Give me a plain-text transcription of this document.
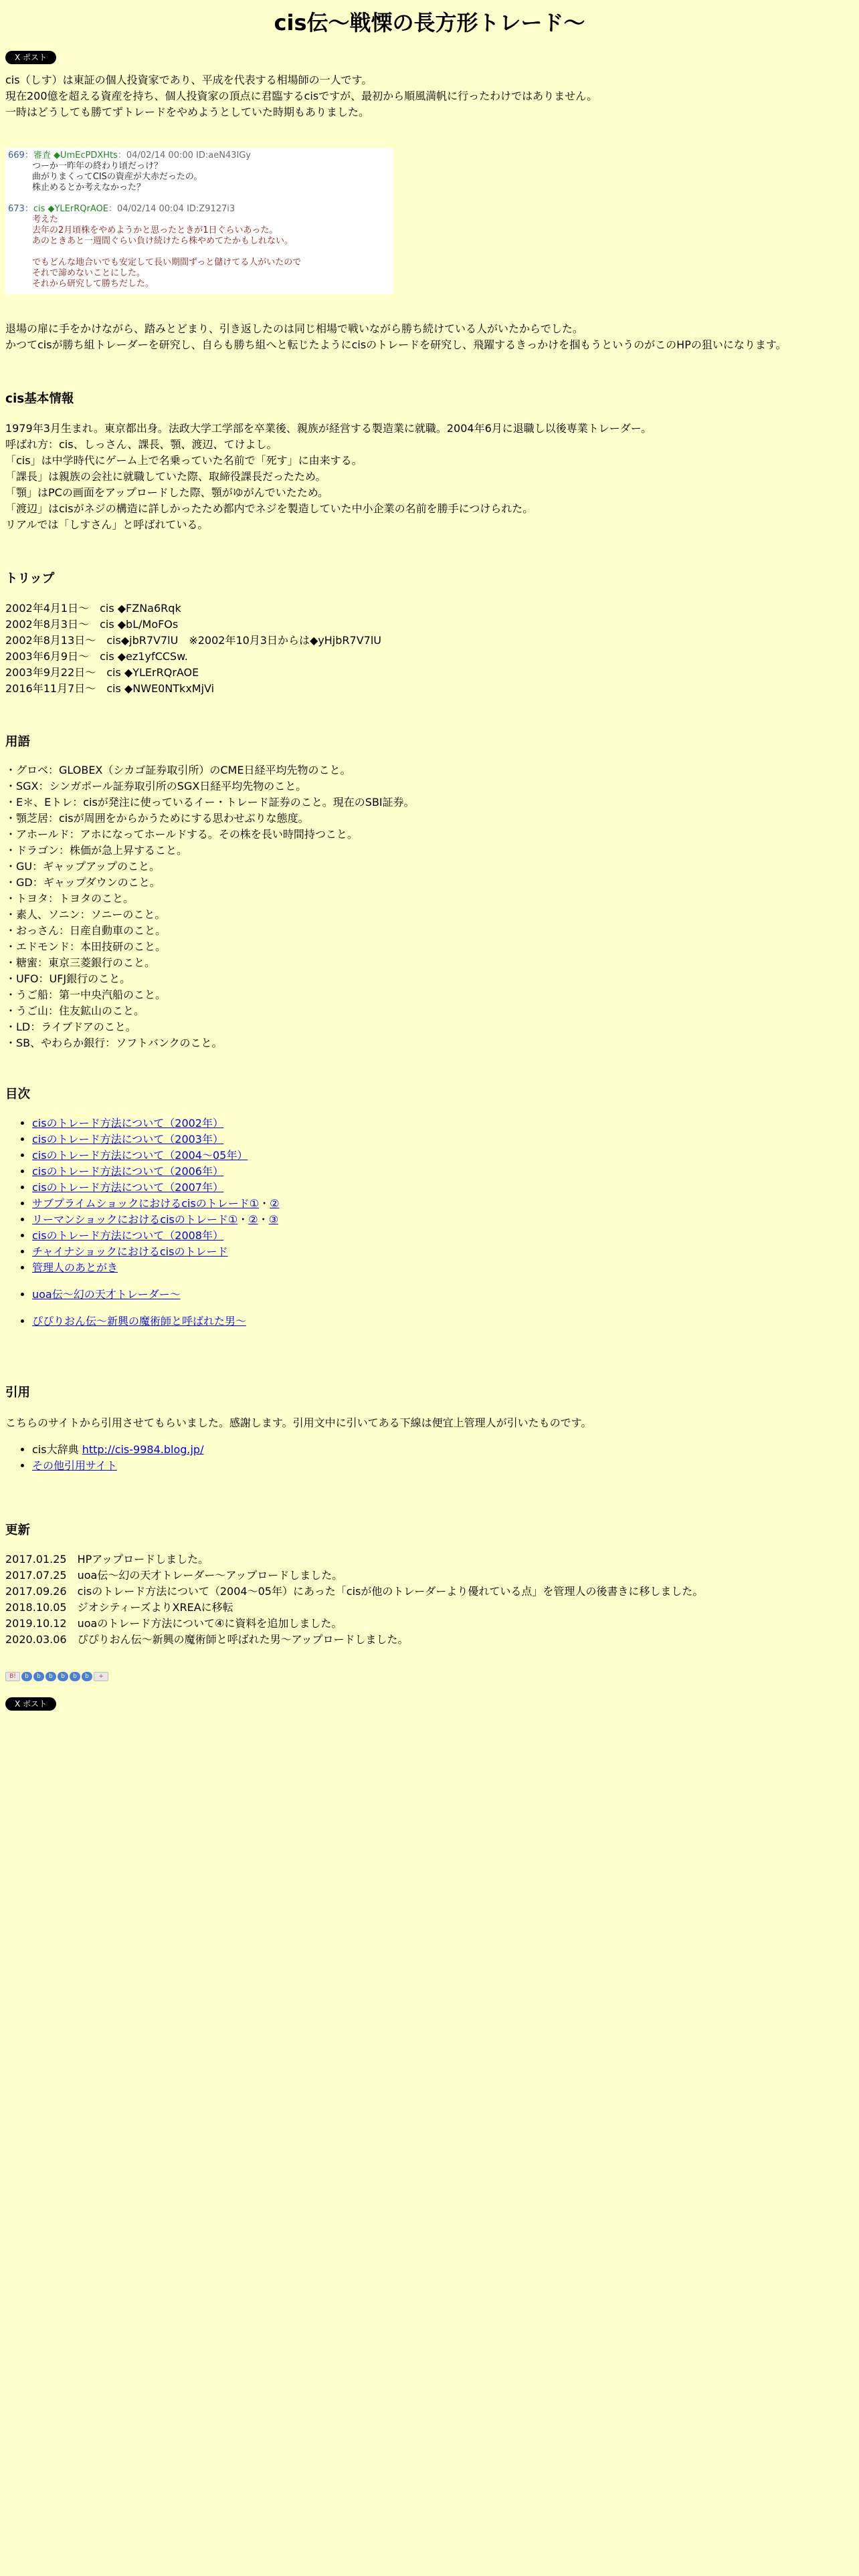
cis伝〜戦慄の長方形トレード〜
X ポスト

cis（しす）は東証の個人投資家であり、平成を代表する相場師の一人です。

現在200億を超える資産を持ち、個人投資家の頂点に君臨するcisですが、最初から順風満帆に行ったわけではありません。

一時はどうしても勝てずトレードをやめようとしていた時期もありました。

669：審査 ◆UmEcPDXHts：04/02/14 00:00 ID:aeN43IGy
つーか一昨年の終わり頃だっけ？
曲がりまくってCISの資産が大赤だったの。
株止めるとか考えなかった？
673：cis ◆YLErRQrAOE：04/02/14 00:04 ID:Z9127i3
考えた
去年の2月頃株をやめようかと思ったときが1日ぐらいあった。
あのときあと一週間ぐらい負け続けたら株やめてたかもしれない。
でもどんな地合いでも安定して長い期間ずっと儲けてる人がいたので
それで諦めないことにした。
それから研究して勝ちだした。

退場の扉に手をかけながら、踏みとどまり、引き返したのは同じ相場で戦いながら勝ち続けている人がいたからでした。

かつてcisが勝ち組トレーダーを研究し、自らも勝ち組へと転じたようにcisのトレードを研究し、飛躍するきっかけを掴もうというのがこのHPの狙いになります。

cis基本情報

1979年3月生まれ。東京都出身。法政大学工学部を卒業後、親族が経営する製造業に就職。2004年6月に退職し以後専業トレーダー。

呼ばれ方：cis、しっさん、課長、顎、渡辺、てけよし。

「cis」は中学時代にゲーム上で名乗っていた名前で「死す」に由来する。

「課長」は親族の会社に就職していた際、取締役課長だったため。

「顎」はPCの画面をアップロードした際、顎がゆがんでいたため。

「渡辺」はcisがネジの構造に詳しかったため都内でネジを製造していた中小企業の名前を勝手につけられた。

リアルでは「しすさん」と呼ばれている。

トリップ

2002年4月1日〜　cis ◆FZNa6Rqk

2002年8月3日〜　cis ◆bL/MoFOs

2002年8月13日〜　cis◆jbR7V7lU　※2002年10月3日からは◆yHjbR7V7lU

2003年6月9日〜　cis ◆ez1yfCCSw.

2003年9月22日〜　cis ◆YLErRQrAOE

2016年11月7日〜　cis ◆NWE0NTkxMjVi

用語

・グロベ：GLOBEX（シカゴ証券取引所）のCME日経平均先物のこと。

・SGX：シンガポール証券取引所のSGX日経平均先物のこと。

・E＊、Eトレ：cisが発注に使っているイー・トレード証券のこと。現在のSBI証券。

・顎芝居：cisが周囲をからかうためにする思わせぶりな態度。

・アホールド：アホになってホールドする。その株を長い時間持つこと。

・ドラゴン：株価が急上昇すること。

・GU：ギャップアップのこと。

・GD：ギャップダウンのこと。

・トヨタ：トヨタのこと。

・素人、ソニン：ソニーのこと。

・おっさん：日産自動車のこと。

・エドモンド：本田技研のこと。

・糖蜜：東京三菱銀行のこと。

・UFO：UFJ銀行のこと。

・うご船：第一中央汽船のこと。

・うご山：住友鉱山のこと。

・LD：ライブドアのこと。

・SB、やわらか銀行：ソフトバンクのこと。

目次
• cisのトレード方法について（2002年）
• cisのトレード方法について（2003年）
• cisのトレード方法について（2004〜05年）
• cisのトレード方法について（2006年）
• cisのトレード方法について（2007年）
• サブプライムショックにおけるcisのトレード①・②
• リーマンショックにおけるcisのトレード①・②・③
• cisのトレード方法について（2008年）
• チャイナショックにおけるcisのトレード
• 管理人のあとがき
• uoa伝〜幻の天才トレーダー〜
• ぴぴりおん伝〜新興の魔術師と呼ばれた男〜
引用

こちらのサイトから引用させてもらいました。感謝します。引用文中に引いてある下線は便宜上管理人が引いたものです。

• cis大辞典 http://cis-9984.blog.jp/
• その他引用サイト
更新

2017.01.25　HPアップロードしました。

2017.07.25　uoa伝〜幻の天才トレーダー〜アップロードしました。

2017.09.26　cisのトレード方法について（2004〜05年）にあった「cisが他のトレーダーより優れている点」を管理人の後書きに移しました。

2018.10.05　ジオシティーズよりXREAに移転

2019.10.12　uoaのトレード方法について④に資料を追加しました。

2020.03.06　ぴぴりおん伝〜新興の魔術師と呼ばれた男〜アップロードしました。

B!	b	b	b	b	b	b	+
X ポスト
